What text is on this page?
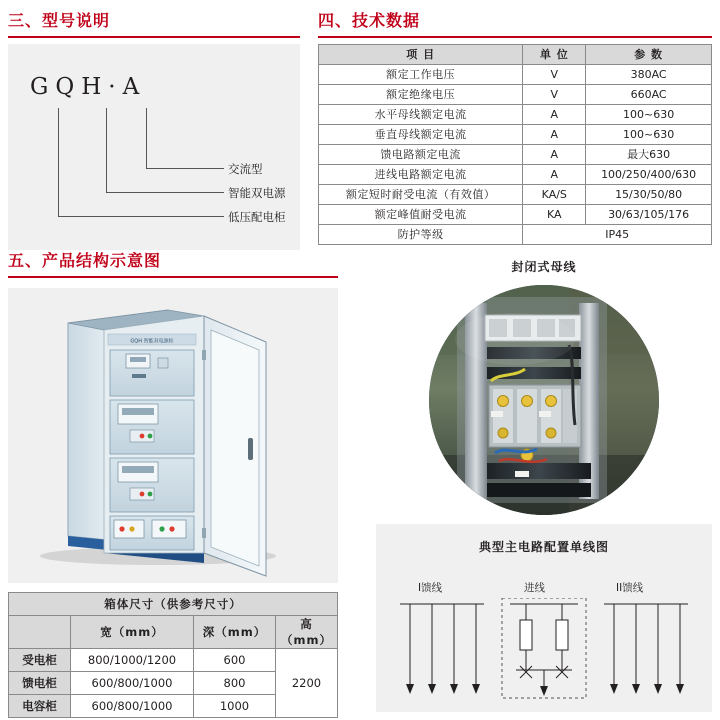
三、型号说明
GQH·A
交流型
智能双电源
低压配电柜
四、技术数据
项 目	单 位	参 数
额定工作电压	V	380AC
额定绝缘电压	V	660AC
水平母线额定电流	A	100~630
垂直母线额定电流	A	100~630
馈电路额定电流	A	最大630
进线电路额定电流	A	100/250/400/630
额定短时耐受电流（有效值）	KA/S	15/30/50/80
额定峰值耐受电流	KA	30/63/105/176
防护等级	IP45	
五、产品结构示意图
GQH 智能双电源柜
箱体尺寸（供参考尺寸）			
	宽（mm）	深（mm）	高（mm）
受电柜	800/1000/1200	600	2200
馈电柜	600/800/1000	800	
电容柜	600/800/1000	1000	
封闭式母线
典型主电路配置单线图
I馈线	进线	II馈线
